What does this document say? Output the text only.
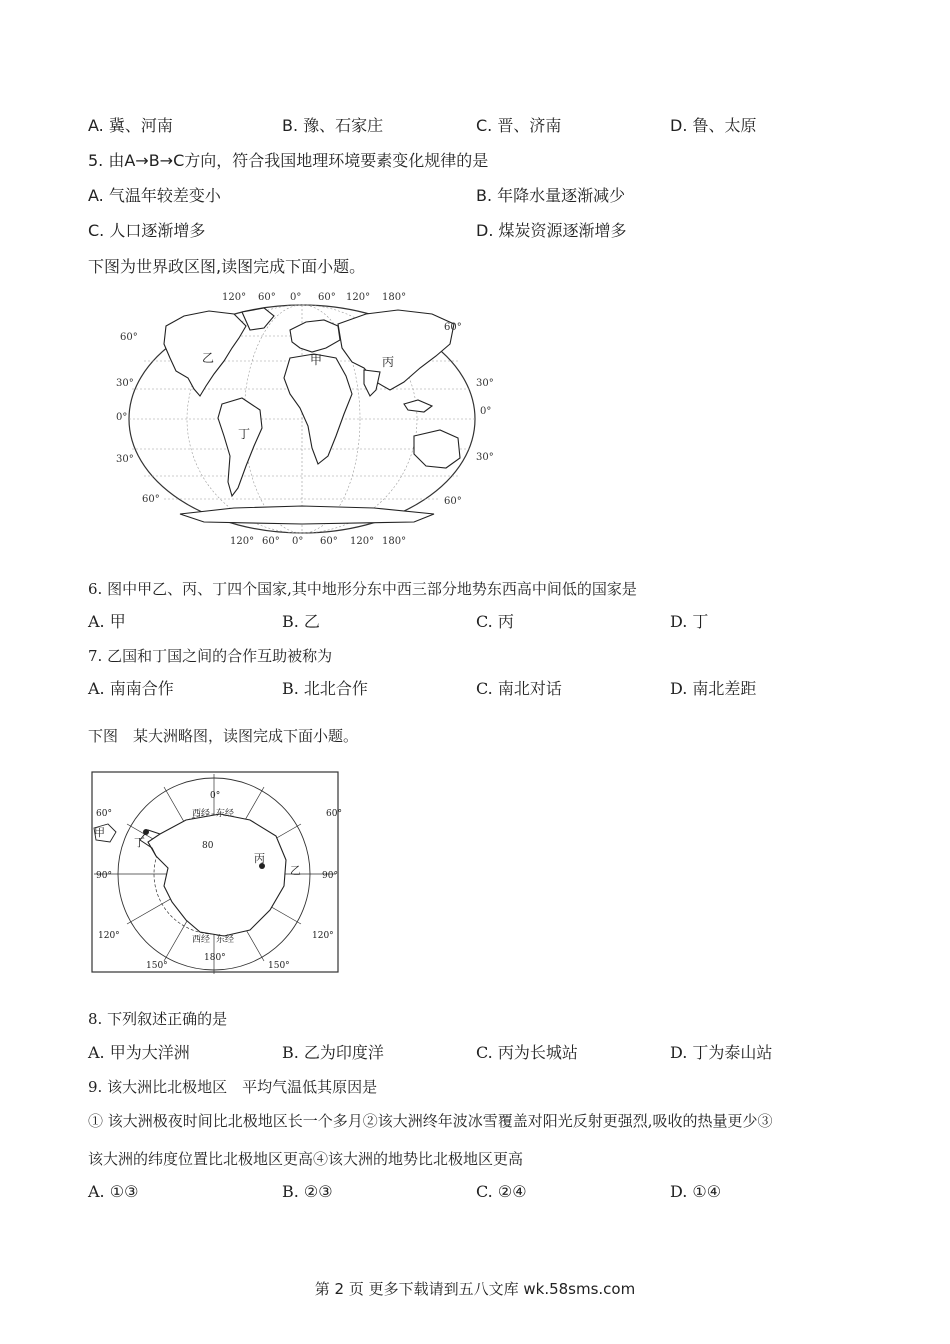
A. 冀、河南	B. 豫、石家庄	C. 晋、济南	D. 鲁、太原
5. 由A→B→C方向，符合我国地理环境要素变化规律的是
A. 气温年较差变小	B. 年降水量逐渐减少
C. 人口逐渐增多	D. 煤炭资源逐渐增多
下图为世界政区图,读图完成下面小题。
乙	甲	丙
丁
120° 60° 0° 60° 120° 180°
120° 60° 0° 60° 120° 180°
60°
30°
0°
30°
60°
60°
30°
0°
30°
60°
6. 图中甲乙、丙、丁四个国家,其中地形分东中西三部分地势东西高中间低的国家是
A. 甲	B. 乙	C. 丙	D. 丁
7. 乙国和丁国之间的合作互助被称为
A. 南南合作	B. 北北合作	C. 南北对话	D. 南北差距
下图　某大洲略图，读图完成下面小题。
0°
60°
90°
120°
150°
180°
150°
120°
90°
60°	西经 东经
西经 东经
80
甲
丁
丙
乙
8. 下列叙述正确的是
A. 甲为大洋洲	B. 乙为印度洋	C. 丙为长城站	D. 丁为泰山站
9. 该大洲比北极地区　平均气温低其原因是
① 该大洲极夜时间比北极地区长一个多月②该大洲终年波冰雪覆盖对阳光反射更强烈,吸收的热量更少③
该大洲的纬度位置比北极地区更高④该大洲的地势比北极地区更高
A. ①③	B. ②③	C. ②④	D. ①④
第 2 页 更多下载请到五八文库 wk.58sms.com
